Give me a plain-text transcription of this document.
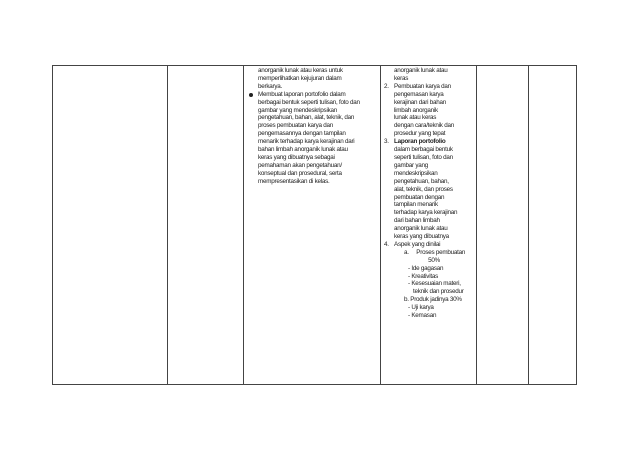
anorganik lunak atau keras untuk
memperlihatkan kejujuran dalam
berkarya.
Membuat laporan portofolio dalam
berbagai bentuk seperti tulisan, foto dan
gambar yang mendeskripsikan
pengetahuan, bahan, alat, teknik, dan
proses pembuatan karya dan
pengemasannya dengan tampilan
menarik terhadap karya kerajinan dari
bahan limbah anorganik lunak atau
keras yang dibuatnya sebagai
pemahaman akan pengetahuan/
konseptual dan prosedural, serta
mempresentasikan di kelas.

anorganik lunak atau
keras
2. Pembuatan karya dan
pengemasan karya
kerajinan dari bahan
limbah anorganik
lunak atau keras
dengan cara/teknik dan
prosedur yang tepat
3. Laporan portofolio
dalam berbagai bentuk
seperti tulisan, foto dan
gambar yang
mendeskripsikan
pengetahuan, bahan,
alat, teknik, dan proses
pembuatan dengan
tampilan menarik
terhadap karya kerajinan
dari bahan limbah
anorganik lunak atau
keras yang dibuatnya
4. Aspek yang dinilai
a. Proses pembuatan
50%
- Ide gagasan
- Kreativitas
- Kesesuaian materi,
teknik dan prosedur
b. Produk jadinya 30%
- Uji karya
- Kemasan
